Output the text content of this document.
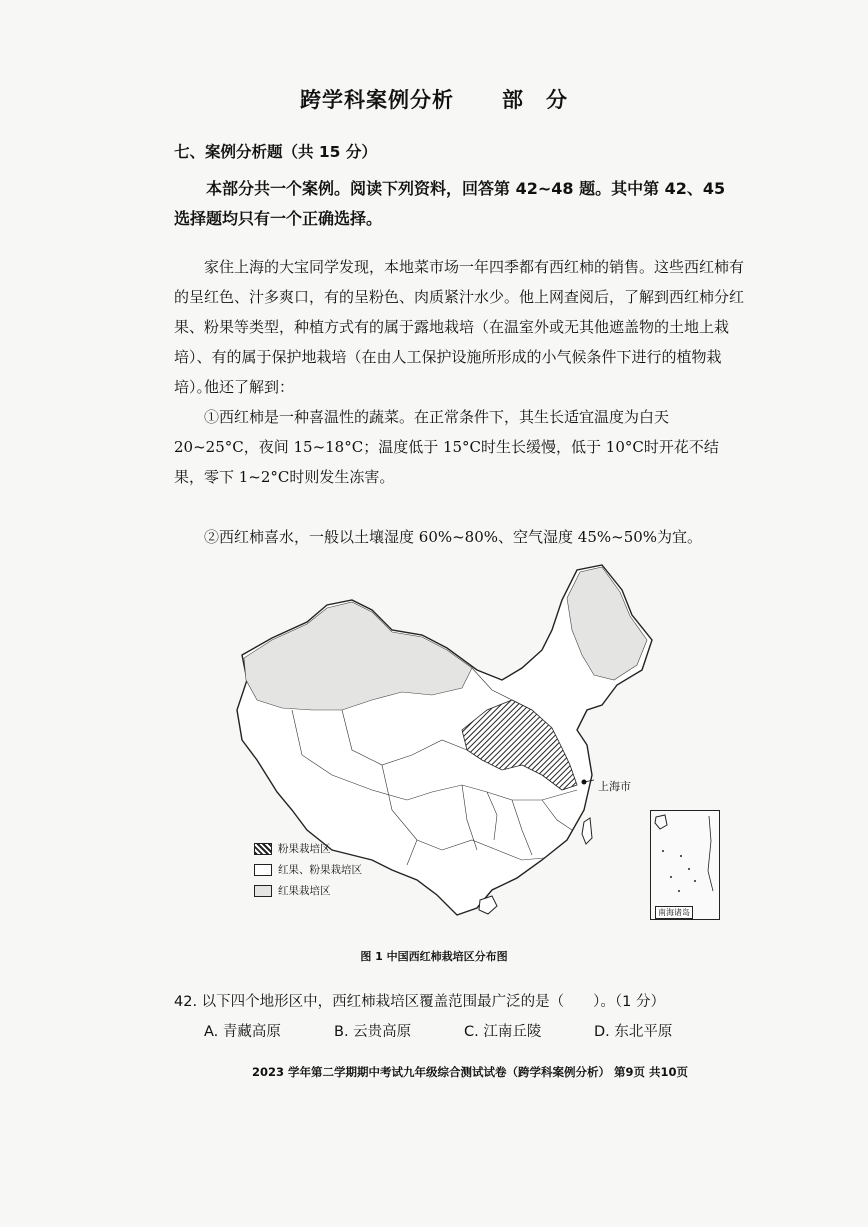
跨学科案例分析 部　分
七、案例分析题（共 15 分）
本部分共一个案例。阅读下列资料，回答第 42~48 题。其中第 42、45 选择题均只有一个正确选择。
家住上海的大宝同学发现，本地菜市场一年四季都有西红柿的销售。这些西红柿有的呈红色、汁多爽口，有的呈粉色、肉质紧汁水少。他上网查阅后，了解到西红柿分红果、粉果等类型，种植方式有的属于露地栽培（在温室外或无其他遮盖物的土地上栽培）、有的属于保护地栽培（在由人工保护设施所形成的小气候条件下进行的植物栽培）。
他还了解到：
①西红柿是一种喜温性的蔬菜。在正常条件下，其生长适宜温度为白天 20~25°C，夜间 15~18°C；温度低于 15°C时生长缓慢，低于 10°C时开花不结果，零下 1~2°C时则发生冻害。
②西红柿喜水，一般以土壤湿度 60%~80%、空气湿度 45%~50%为宜。
上海市
粉果栽培区
红果、粉果栽培区
红果栽培区
南海诸岛
图 1 中国西红柿栽培区分布图
42. 以下四个地形区中，西红柿栽培区覆盖范围最广泛的是（　　）。（1 分）
A. 青藏高原	B. 云贵高原	C. 江南丘陵	D. 东北平原
2023 学年第二学期期中考试九年级综合测试试卷（跨学科案例分析） 第9页 共10页
